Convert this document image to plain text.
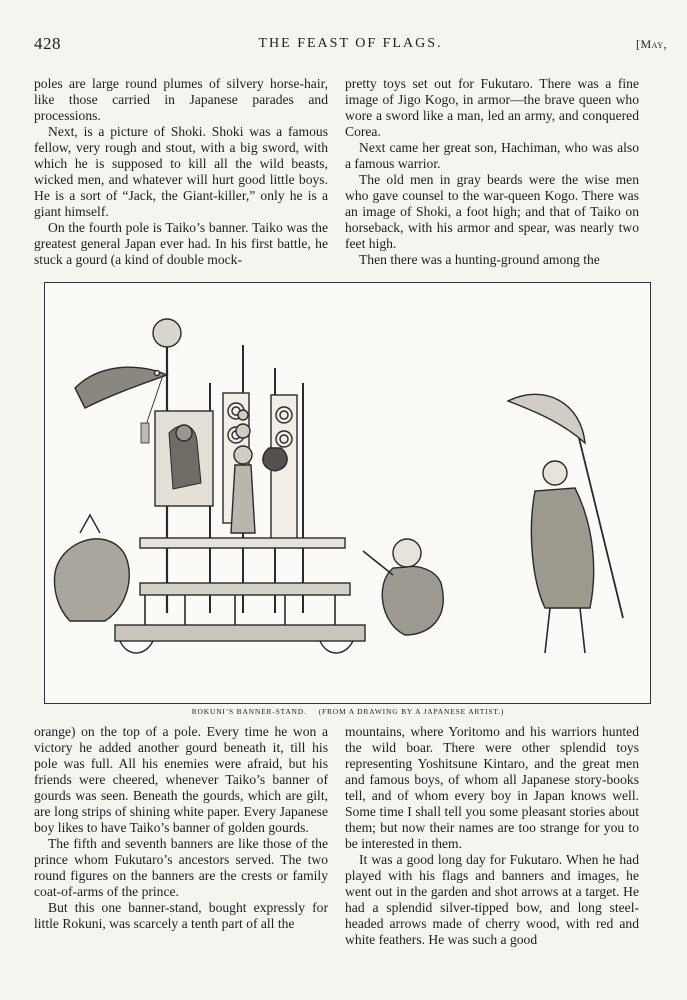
428	THE FEAST OF FLAGS.	[May,

poles are large round plumes of silvery horse-hair, like those carried in Japanese parades and processions.

Next, is a picture of Shoki. Shoki was a famous fellow, very rough and stout, with a big sword, with which he is supposed to kill all the wild beasts, wicked men, and whatever will hurt good little boys. He is a sort of “Jack, the Giant-killer,” only he is a giant himself.

On the fourth pole is Taiko’s banner. Taiko was the greatest general Japan ever had. In his first battle, he stuck a gourd (a kind of double mock-

pretty toys set out for Fukutaro. There was a fine image of Jigo Kogo, in armor—the brave queen who wore a sword like a man, led an army, and conquered Corea.

Next came her great son, Hachiman, who was also a famous warrior.

The old men in gray beards were the wise men who gave counsel to the war-queen Kogo. There was an image of Shoki, a foot high; and that of Taiko on horseback, with his armor and spear, was nearly two feet high.

Then there was a hunting-ground among the

ROKUNI’S BANNER-STAND. (FROM A DRAWING BY A JAPANESE ARTIST.)

orange) on the top of a pole. Every time he won a victory he added another gourd beneath it, till his pole was full. All his enemies were afraid, but his friends were cheered, whenever Taiko’s banner of gourds was seen. Beneath the gourds, which are gilt, are long strips of shining white paper. Every Japanese boy likes to have Taiko’s banner of golden gourds.

The fifth and seventh banners are like those of the prince whom Fukutaro’s ancestors served. The two round figures on the banners are the crests or family coat-of-arms of the prince.

But this one banner-stand, bought expressly for little Rokuni, was scarcely a tenth part of all the

mountains, where Yoritomo and his warriors hunted the wild boar. There were other splendid toys representing Yoshitsune Kintaro, and the great men and famous boys, of whom all Japanese story-books tell, and of whom every boy in Japan knows well. Some time I shall tell you some pleasant stories about them; but now their names are too strange for you to be interested in them.

It was a good long day for Fukutaro. When he had played with his flags and banners and images, he went out in the garden and shot arrows at a target. He had a splendid silver-tipped bow, and long steel-headed arrows made of cherry wood, with red and white feathers. He was such a good
